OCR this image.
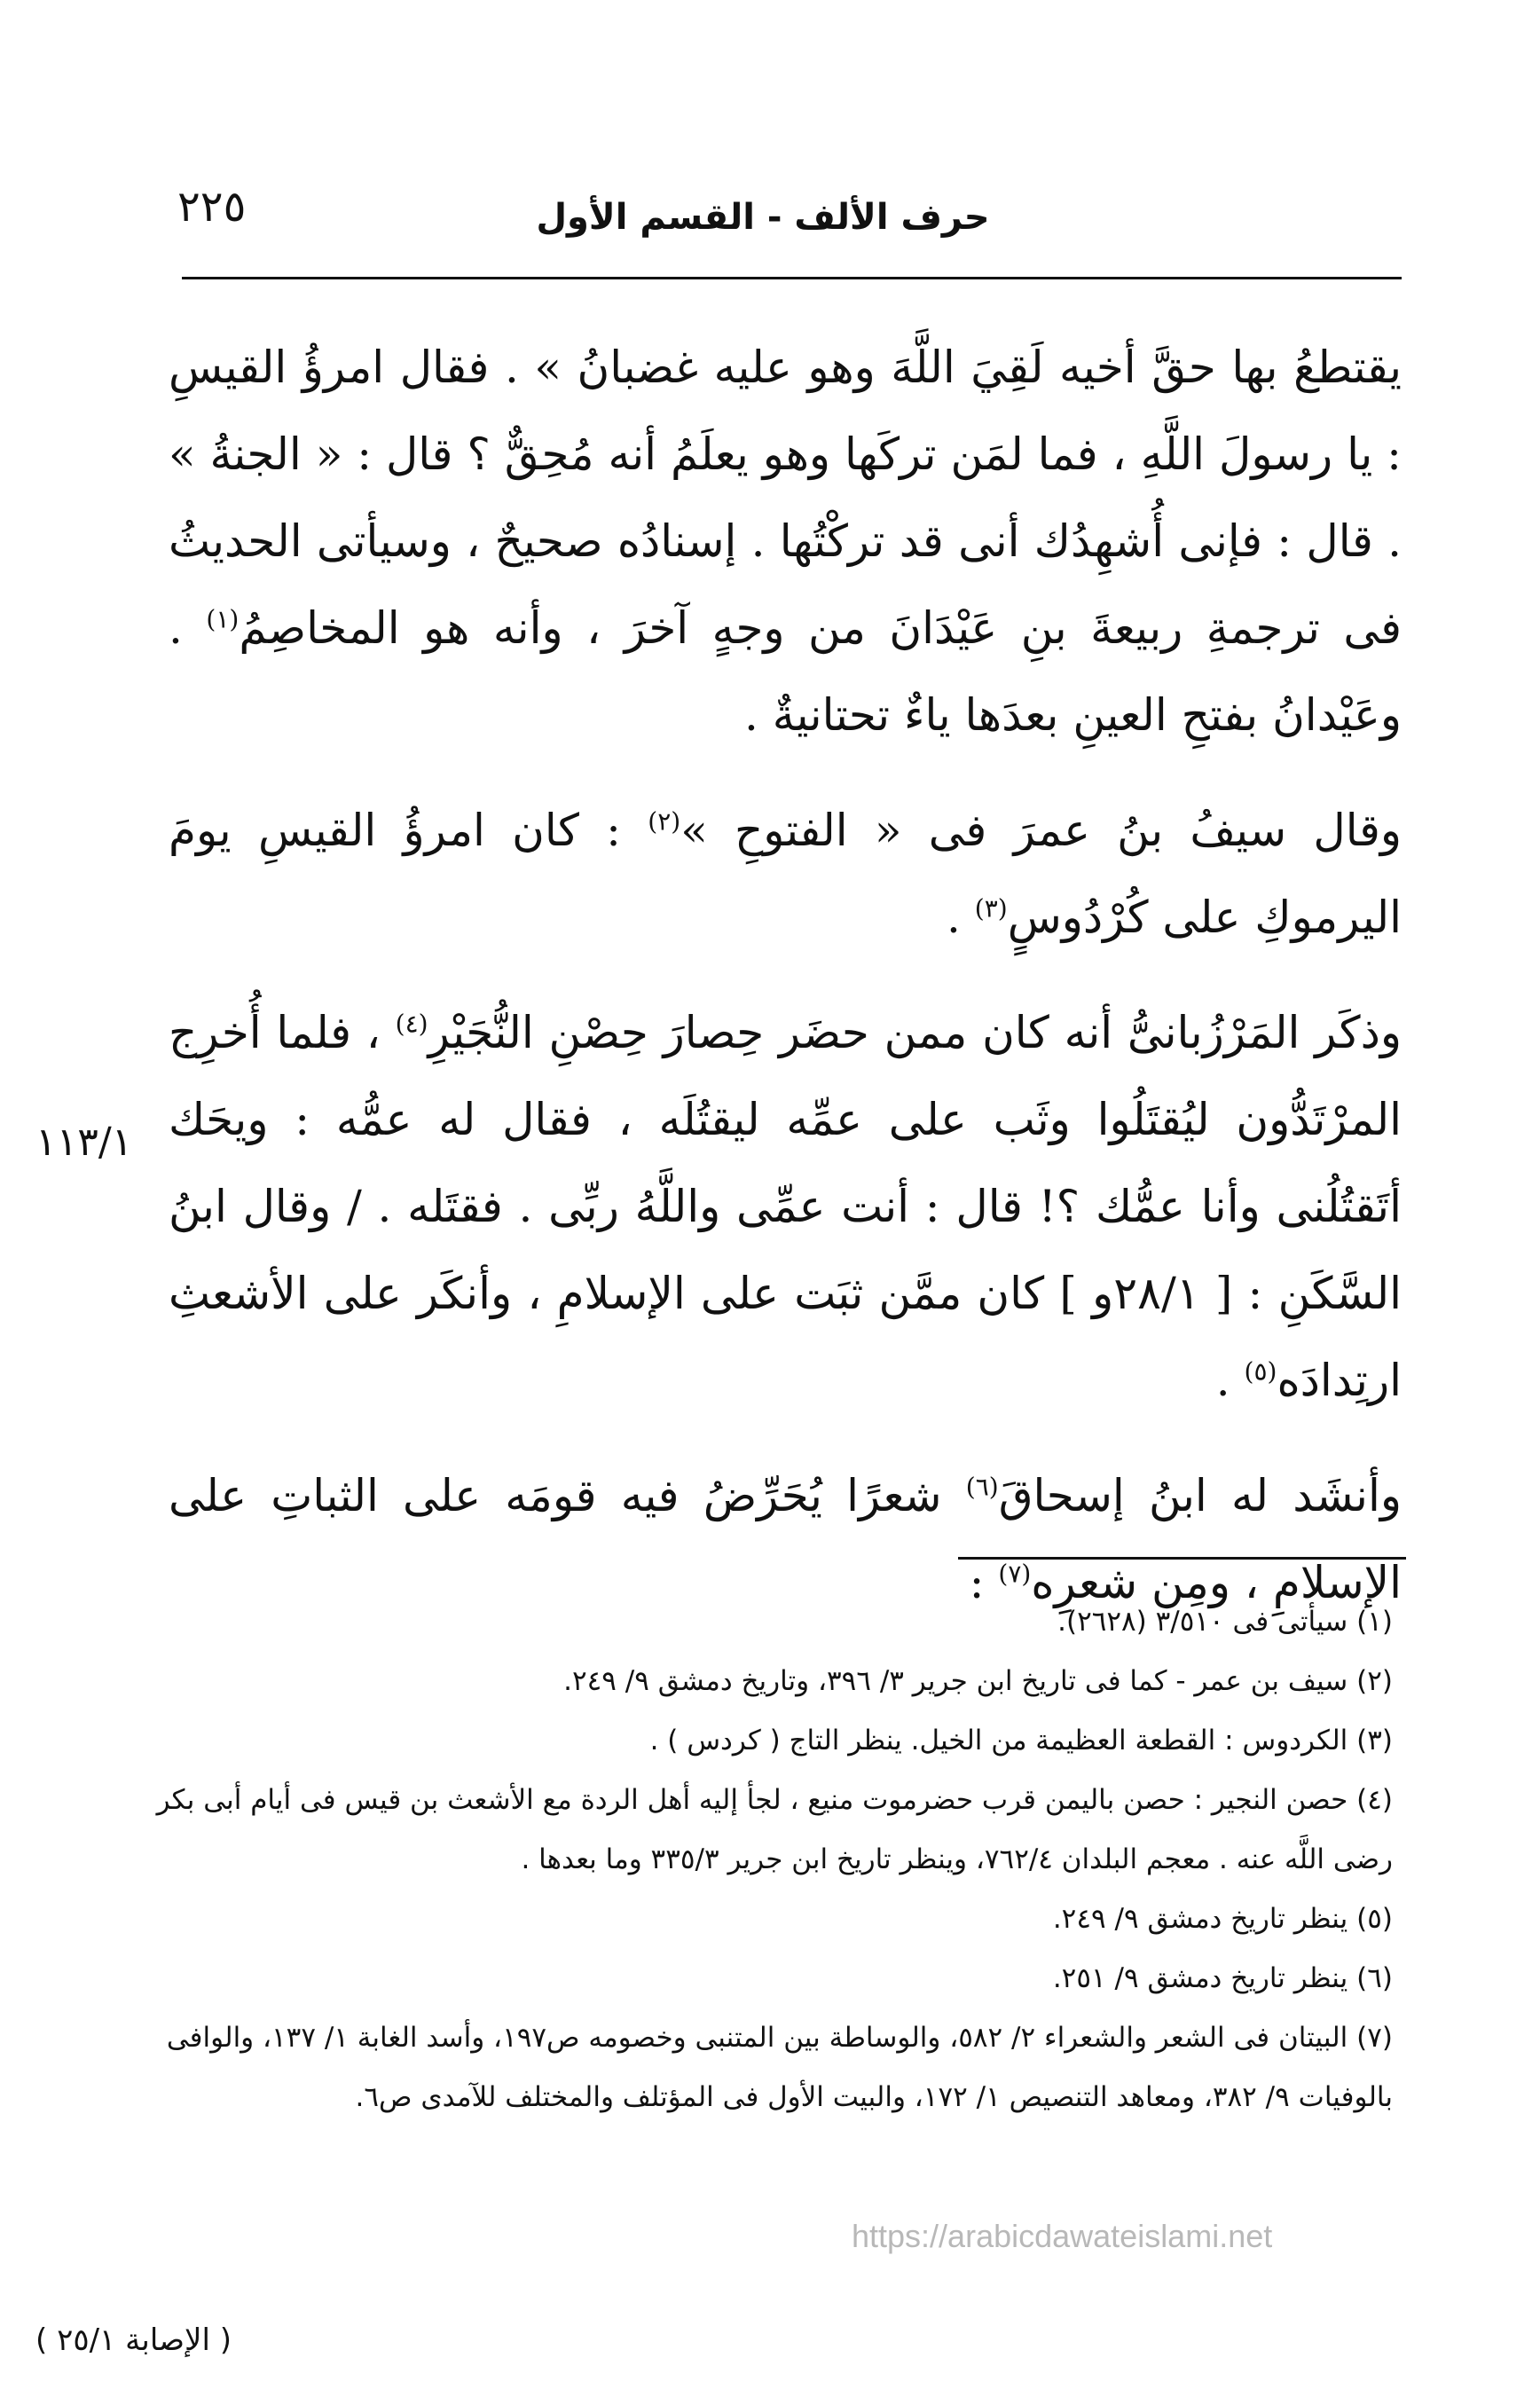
حرف الألف - القسم الأول
٢٢٥

يقتطعُ بها حقَّ أخيه لَقِيَ اللَّهَ وهو عليه غضبانُ » . فقال امرؤُ القيسِ : يا رسولَ اللَّهِ ، فما لمَن تركَها وهو يعلَمُ أنه مُحِقٌّ ؟ قال : « الجنةُ » . قال : فإنى أُشهِدُك أنى قد تركْتُها . إسنادُه صحيحٌ ، وسيأتى الحديثُ فى ترجمةِ ربيعةَ بنِ عَيْدَانَ من وجهٍ آخرَ ، وأنه هو المخاصِمُ$^{(١)}$ . وعَيْدانُ بفتحِ العينِ بعدَها ياءٌ تحتانيةٌ .

وقال سيفُ بنُ عمرَ فى « الفتوحِ »$^{(٢)}$ : كان امرؤُ القيسِ يومَ اليرموكِ على كُرْدُوسٍ$^{(٣)}$ .

وذكَر المَرْزُبانىُّ أنه كان ممن حضَر حِصارَ حِصْنِ النُّجَيْرِ$^{(٤)}$ ، فلما أُخرِج المرْتَدُّون ليُقتَلُوا وثَب على عمِّه ليقتُلَه ، فقال له عمُّه : ويحَك أتَقتُلُنى وأنا عمُّك ؟! قال : أنت عمِّى واللَّهُ ربِّى . فقتَله . / وقال ابنُ السَّكَنِ : [ ٢٨/١و ] كان ممَّن ثبَت على الإسلامِ ، وأنكَر على الأشعثِ ارتِدادَه$^{(٥)}$ .

وأنشَد له ابنُ إسحاقَ$^{(٦)}$ شعرًا يُحَرِّضُ فيه قومَه على الثباتِ على الإسلامِ ، ومِن شعرِه$^{(٧)}$ :

١١٣/١

(١) سيأتى فى ٣/٥١٠ (٢٦٢٨).

(٢) سيف بن عمر - كما فى تاريخ ابن جرير ٣/ ٣٩٦، وتاريخ دمشق ٩/ ٢٤٩.

(٣) الكردوس : القطعة العظيمة من الخيل. ينظر التاج ( كردس ) .

(٤) حصن النجير : حصن باليمن قرب حضرموت منيع ، لجأ إليه أهل الردة مع الأشعث بن قيس فى أيام أبى بكر رضى اللَّه عنه . معجم البلدان ٧٦٢/٤، وينظر تاريخ ابن جرير ٣٣٥/٣ وما بعدها .

(٥) ينظر تاريخ دمشق ٩/ ٢٤٩.

(٦) ينظر تاريخ دمشق ٩/ ٢٥١.

(٧) البيتان فى الشعر والشعراء ٢/ ٥٨٢، والوساطة بين المتنبى وخصومه ص١٩٧، وأسد الغابة ١/ ١٣٧، والوافى بالوفيات ٩/ ٣٨٢، ومعاهد التنصيص ١/ ١٧٢، والبيت الأول فى المؤتلف والمختلف للآمدى ص٦.

https://arabicdawateislami.net
( الإصابة ٢٥/١ )
